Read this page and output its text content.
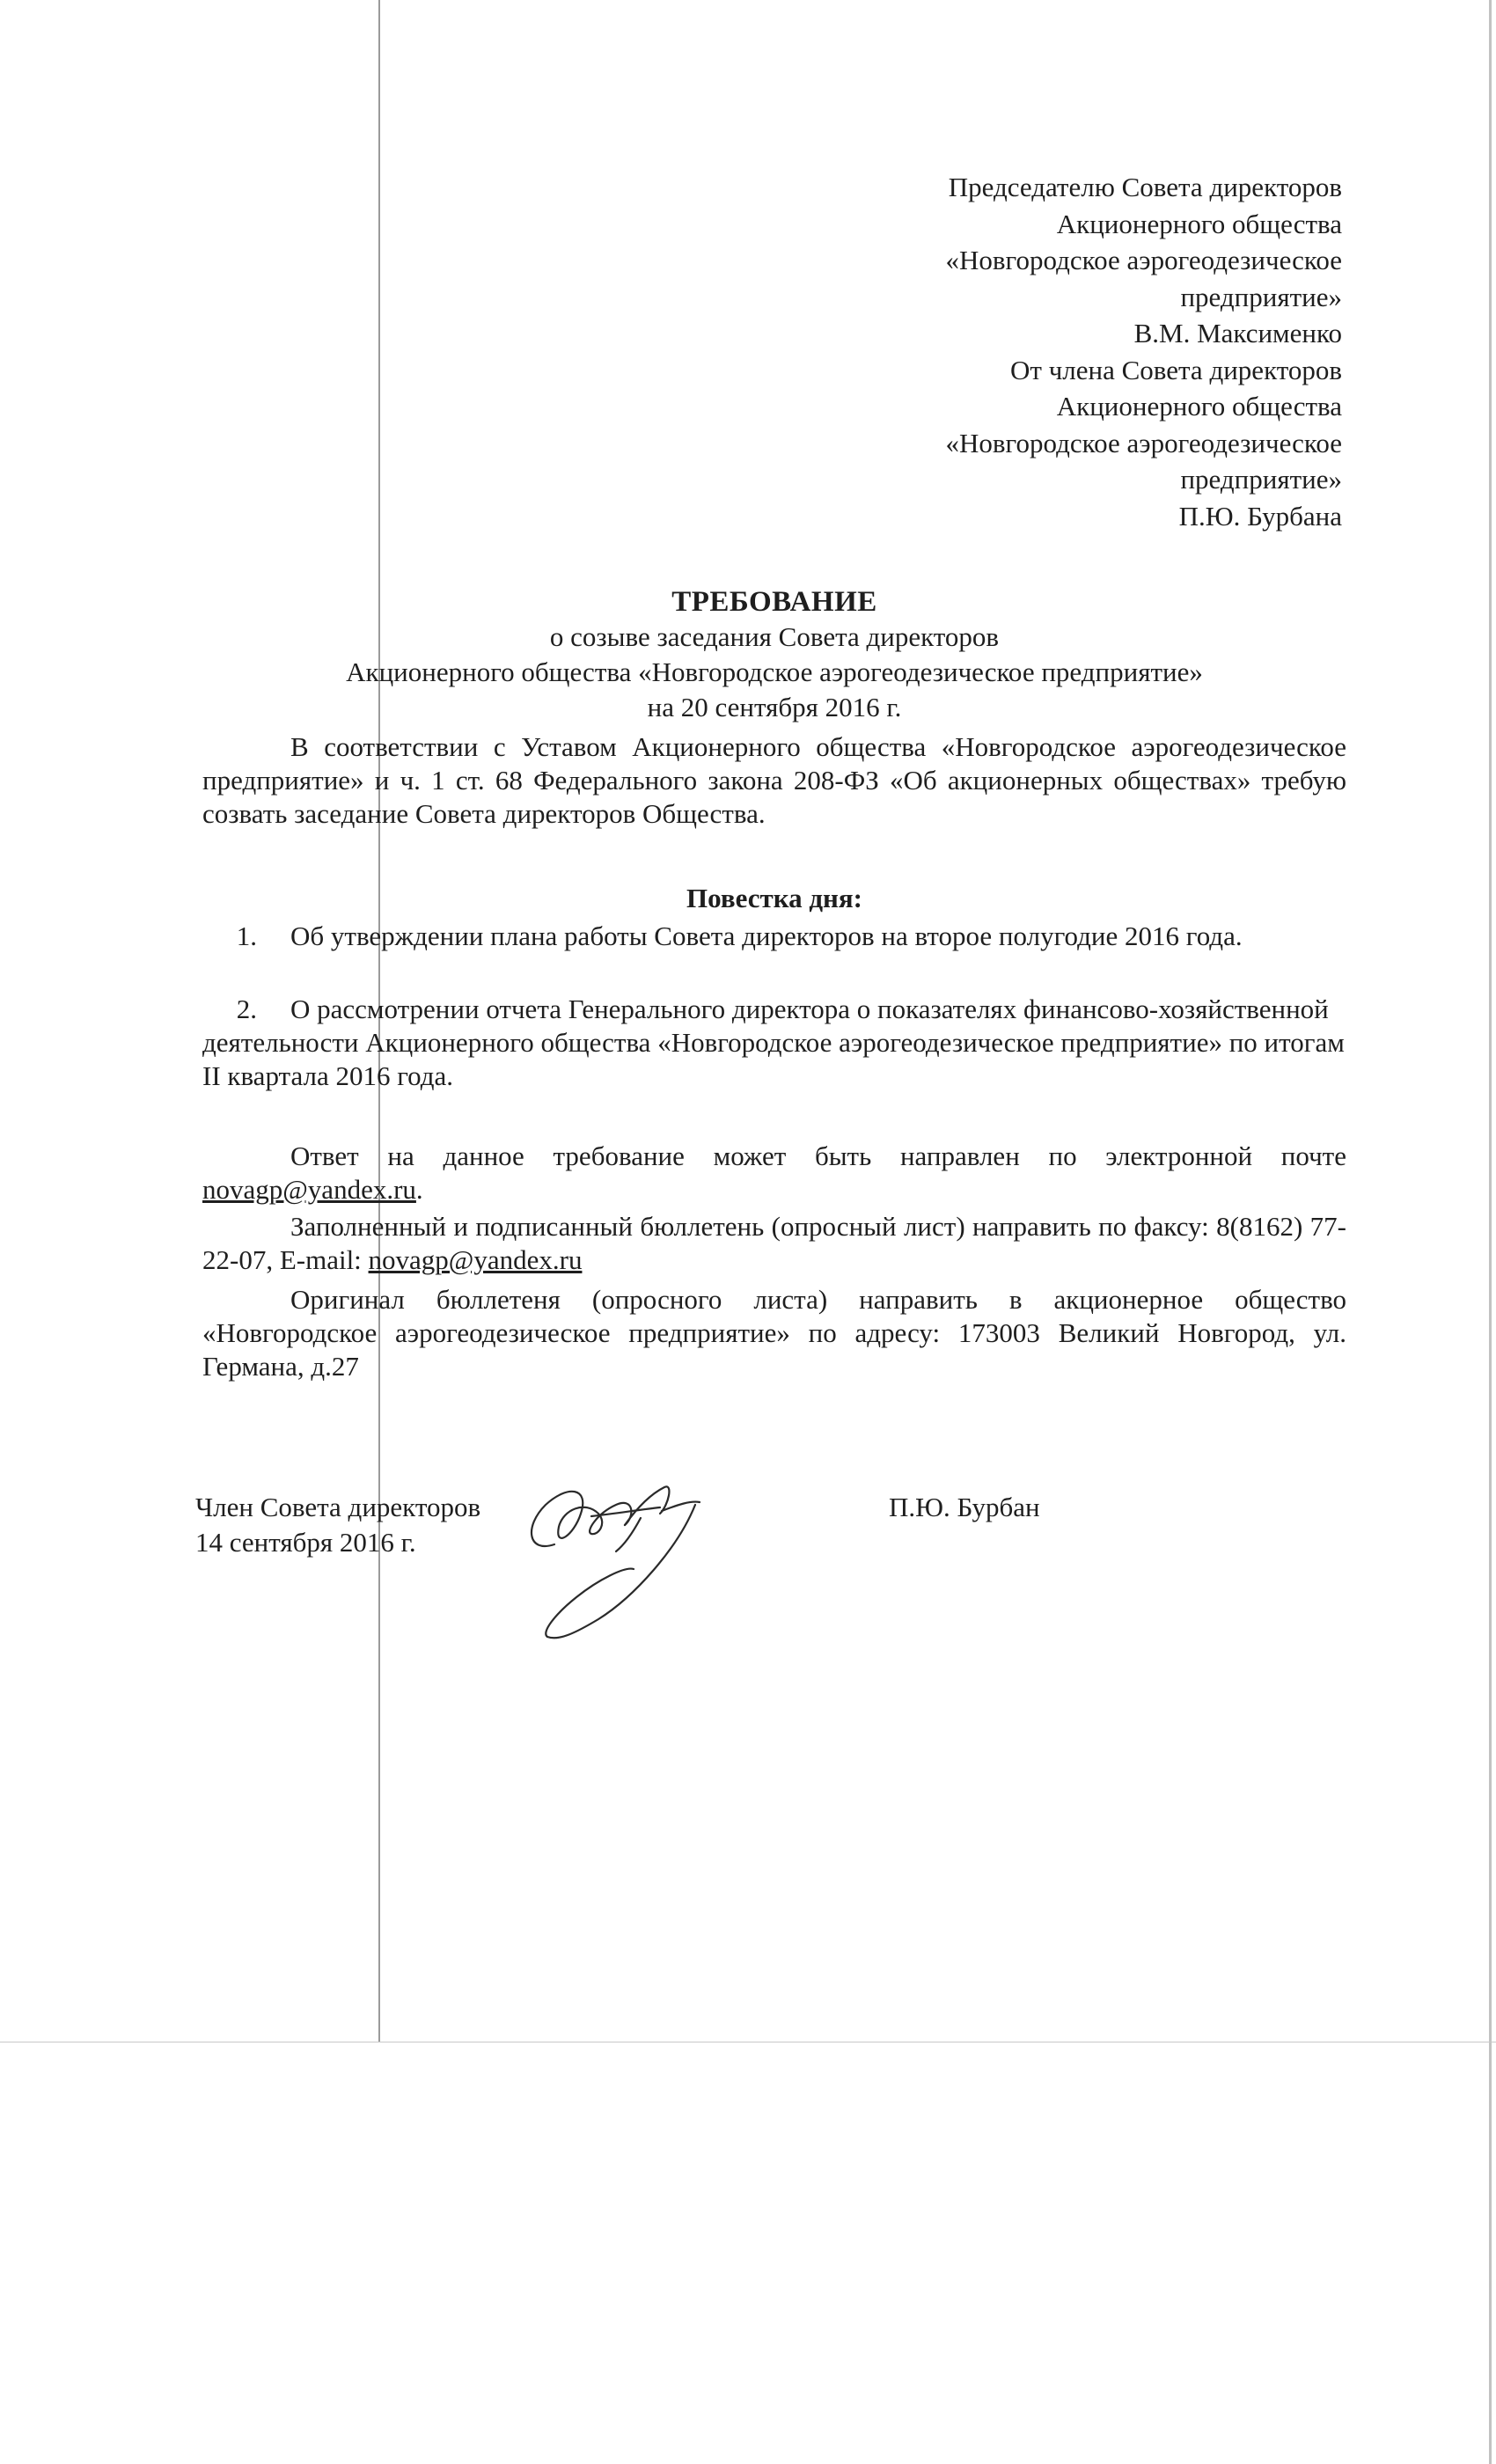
Председателю Совета директоров
Акционерного общества
«Новгородское аэрогеодезическое
предприятие»
В.М. Максименко
От члена Совета директоров
Акционерного общества
«Новгородское аэрогеодезическое
предприятие»
П.Ю. Бурбана
ТРЕБОВАНИЕ
о созыве заседания Совета директоров
Акционерного общества «Новгородское аэрогеодезическое предприятие»
на 20 сентября 2016 г.
В соответствии с Уставом Акционерного общества «Новгородское аэрогеодезическое предприятие» и ч. 1 ст. 68 Федерального закона 208-ФЗ «Об акционерных обществах» требую созвать заседание Совета директоров Общества.
Повестка дня:
1. Об утверждении плана работы Совета директоров на второе полугодие 2016 года.
2. О рассмотрении отчета Генерального директора о показателях финансово-хозяйственной деятельности Акционерного общества «Новгородское аэрогеодезическое предприятие» по итогам II квартала 2016 года.
Ответ на данное требование может быть направлен по электронной почте novagp@yandex.ru.
Заполненный и подписанный бюллетень (опросный лист) направить по факсу: 8(8162) 77-22-07, E-mail: novagp@yandex.ru
Оригинал бюллетеня (опросного листа) направить в акционерное общество «Новгородское аэрогеодезическое предприятие» по адресу: 173003 Великий Новгород, ул. Германа, д.27
Член Совета директоров
14 сентября 2016 г.
П.Ю. Бурбан
